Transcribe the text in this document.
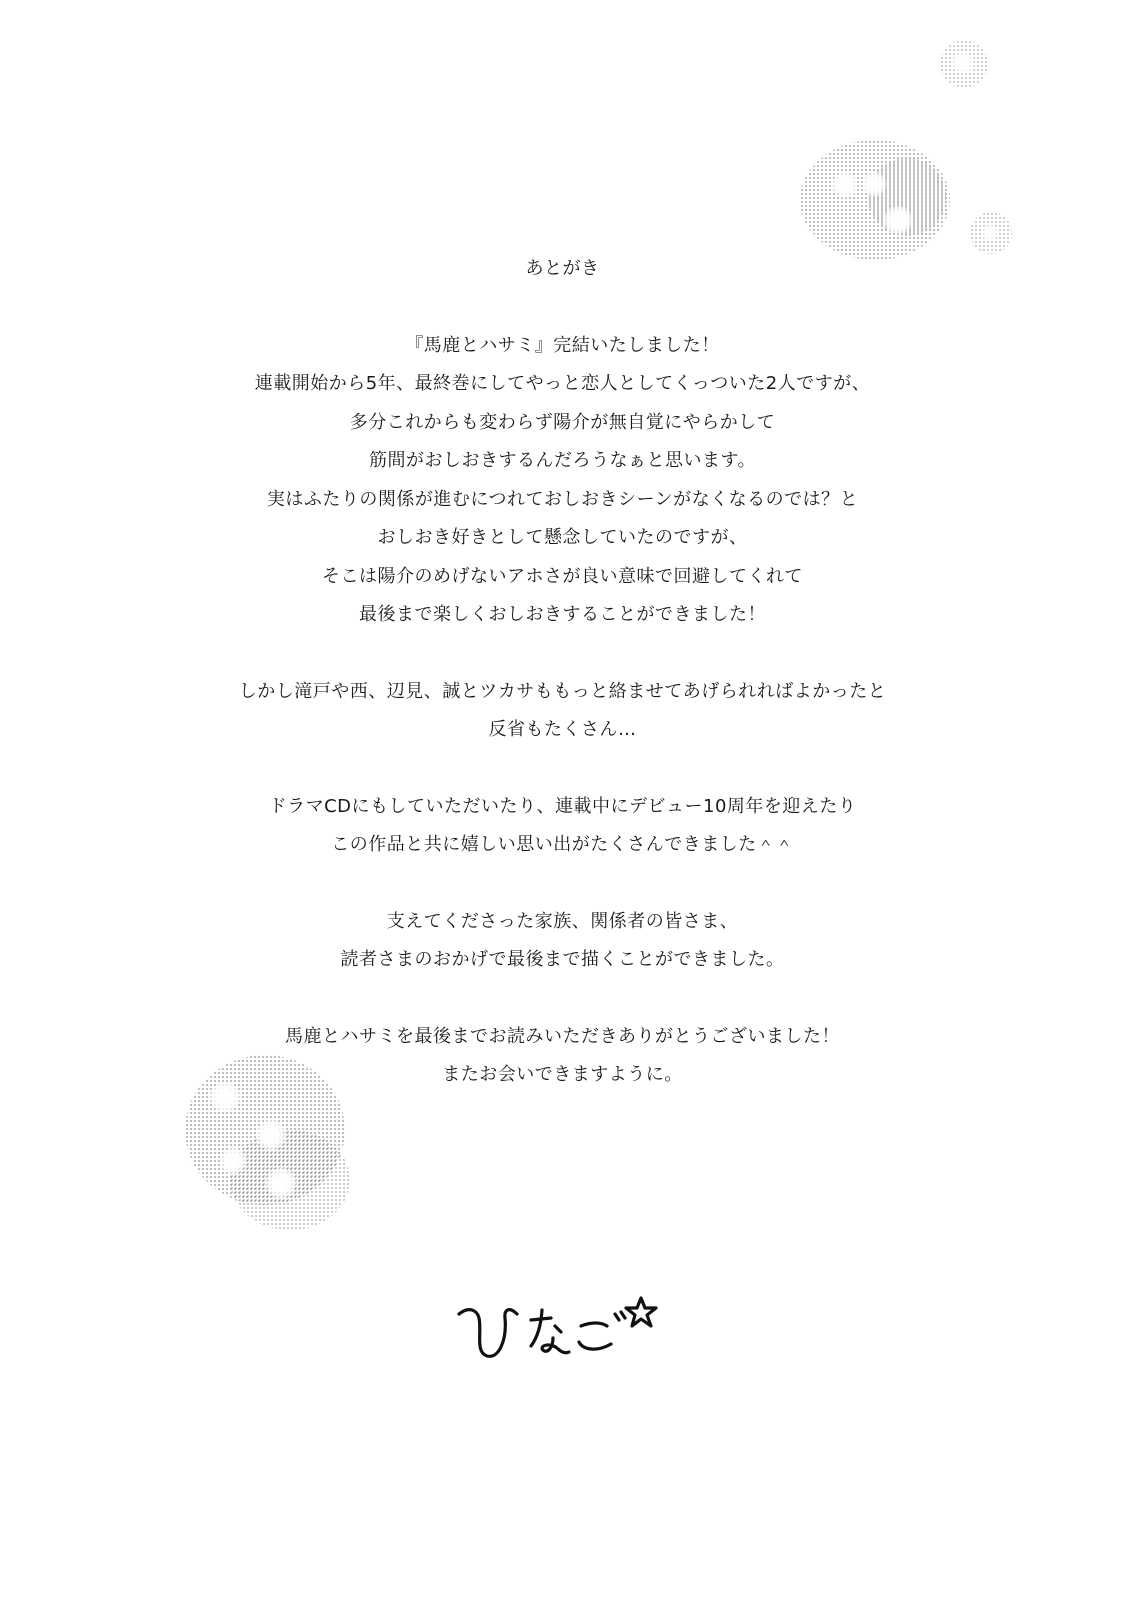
あとがき
『馬鹿とハサミ』完結いたしました！
連載開始から5年、最終巻にしてやっと恋人としてくっついた2人ですが、
多分これからも変わらず陽介が無自覚にやらかして
筋間がおしおきするんだろうなぁと思います。
実はふたりの関係が進むにつれておしおきシーンがなくなるのでは？と
おしおき好きとして懸念していたのですが、
そこは陽介のめげないアホさが良い意味で回避してくれて
最後まで楽しくおしおきすることができました！
しかし滝戸や西、辺見、誠とツカサももっと絡ませてあげられればよかったと
反省もたくさん…
ドラマCDにもしていただいたり、連載中にデビュー10周年を迎えたり
この作品と共に嬉しい思い出がたくさんできました＾＾
支えてくださった家族、関係者の皆さま、
読者さまのおかげで最後まで描くことができました。
馬鹿とハサミを最後までお読みいただきありがとうございました！
またお会いできますように。
